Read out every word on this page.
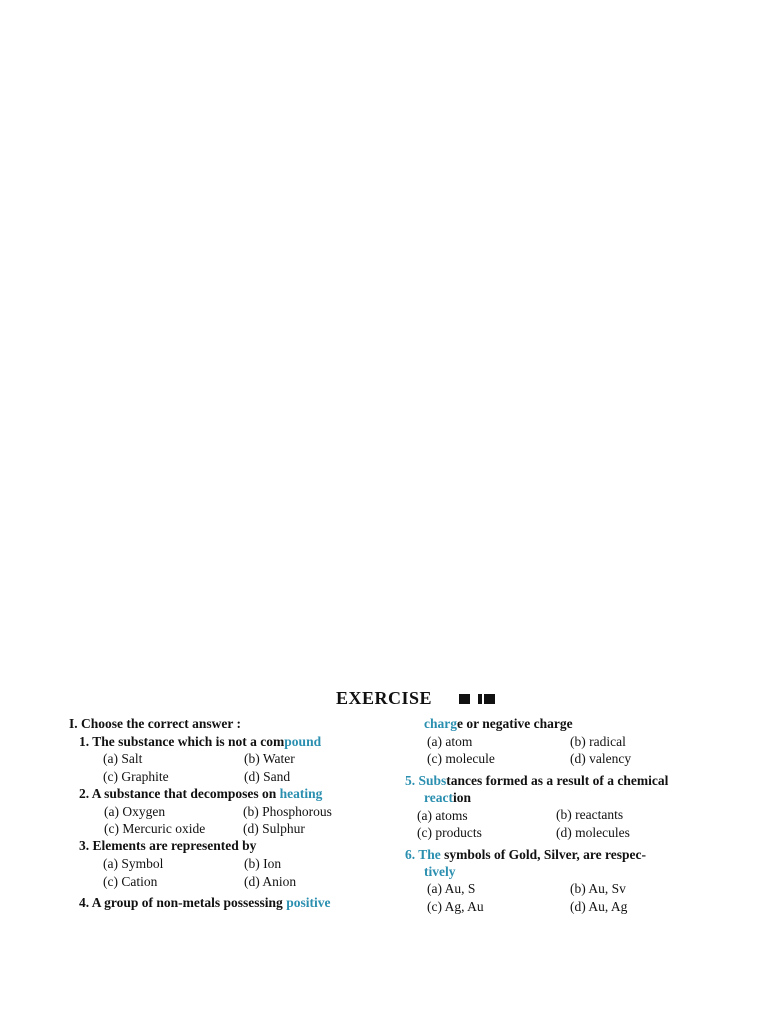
EXERCISE
I. Choose the correct answer :
1. The substance which is not a compound
(a) Salt	(b) Water
(c) Graphite	(d) Sand
2. A substance that decomposes on heating
(a) Oxygen	(b) Phosphorous
(c) Mercuric oxide	(d) Sulphur
3. Elements are represented by
(a) Symbol	(b) Ion
(c) Cation	(d) Anion
4. A group of non-metals possessing positive
charge or negative charge
(a) atom	(b) radical
(c) molecule	(d) valency
5. Substances formed as a result of a chemical
reaction
(a) atoms	(b) reactants
(c) products	(d) molecules
6. The symbols of Gold, Silver, are respec-
tively
(a) Au, S	(b) Au, Sv
(c) Ag, Au	(d) Au, Ag
